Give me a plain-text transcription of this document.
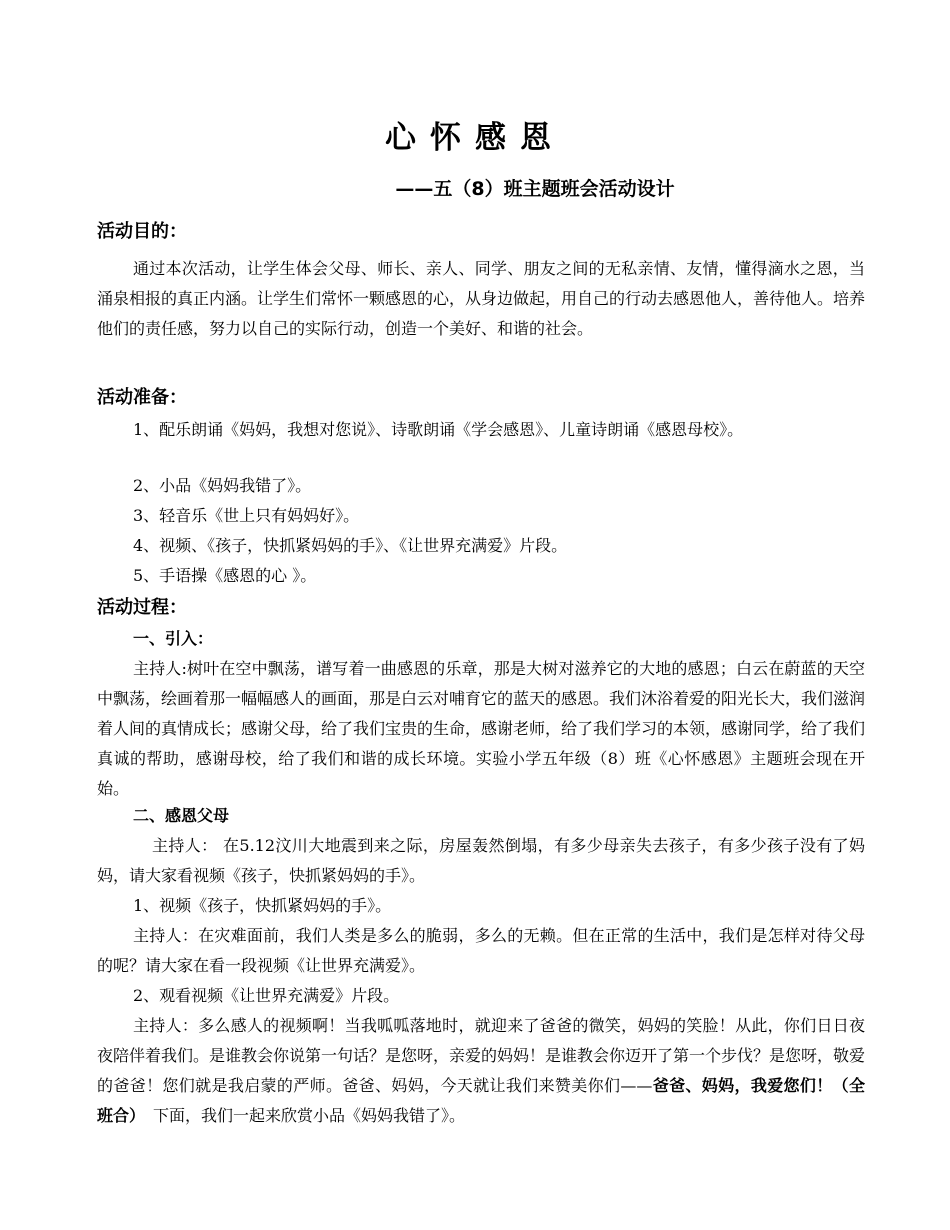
心怀感恩
——五（8）班主题班会活动设计
活动目的：

通过本次活动，让学生体会父母、师长、亲人、同学、朋友之间的无私亲情、友情，懂得滴水之恩，当涌泉相报的真正内涵。让学生们常怀一颗感恩的心，从身边做起，用自己的行动去感恩他人，善待他人。培养他们的责任感，努力以自己的实际行动，创造一个美好、和谐的社会。

活动准备：
1、配乐朗诵《妈妈，我想对您说》、诗歌朗诵《学会感恩》、儿童诗朗诵《感恩母校》。
2、小品《妈妈我错了》。
3、轻音乐《世上只有妈妈好》。
4、视频、《孩子，快抓紧妈妈的手》、《让世界充满爱》片段。
5、手语操《感恩的心 》。
活动过程：
一、引入：

主持人:树叶在空中飘荡，谱写着一曲感恩的乐章，那是大树对滋养它的大地的感恩；白云在蔚蓝的天空中飘荡，绘画着那一幅幅感人的画面，那是白云对哺育它的蓝天的感恩。我们沐浴着爱的阳光长大，我们滋润着人间的真情成长；感谢父母，给了我们宝贵的生命，感谢老师，给了我们学习的本领，感谢同学，给了我们真诚的帮助，感谢母校，给了我们和谐的成长环境。实验小学五年级（8）班《心怀感恩》主题班会现在开始。

二、感恩父母

主持人： 在5.12汶川大地震到来之际，房屋轰然倒塌，有多少母亲失去孩子，有多少孩子没有了妈妈，请大家看视频《孩子，快抓紧妈妈的手》。

1、视频《孩子，快抓紧妈妈的手》。

主持人：在灾难面前，我们人类是多么的脆弱，多么的无赖。但在正常的生活中，我们是怎样对待父母的呢？请大家在看一段视频《让世界充满爱》。

2、观看视频《让世界充满爱》片段。

主持人：多么感人的视频啊！当我呱呱落地时，就迎来了爸爸的微笑，妈妈的笑脸！从此，你们日日夜夜陪伴着我们。是谁教会你说第一句话？是您呀，亲爱的妈妈！是谁教会你迈开了第一个步伐？是您呀，敬爱的爸爸！您们就是我启蒙的严师。爸爸、妈妈，今天就让我们来赞美你们——爸爸、妈妈，我爱您们！（全班合）　下面，我们一起来欣赏小品《妈妈我错了》。
